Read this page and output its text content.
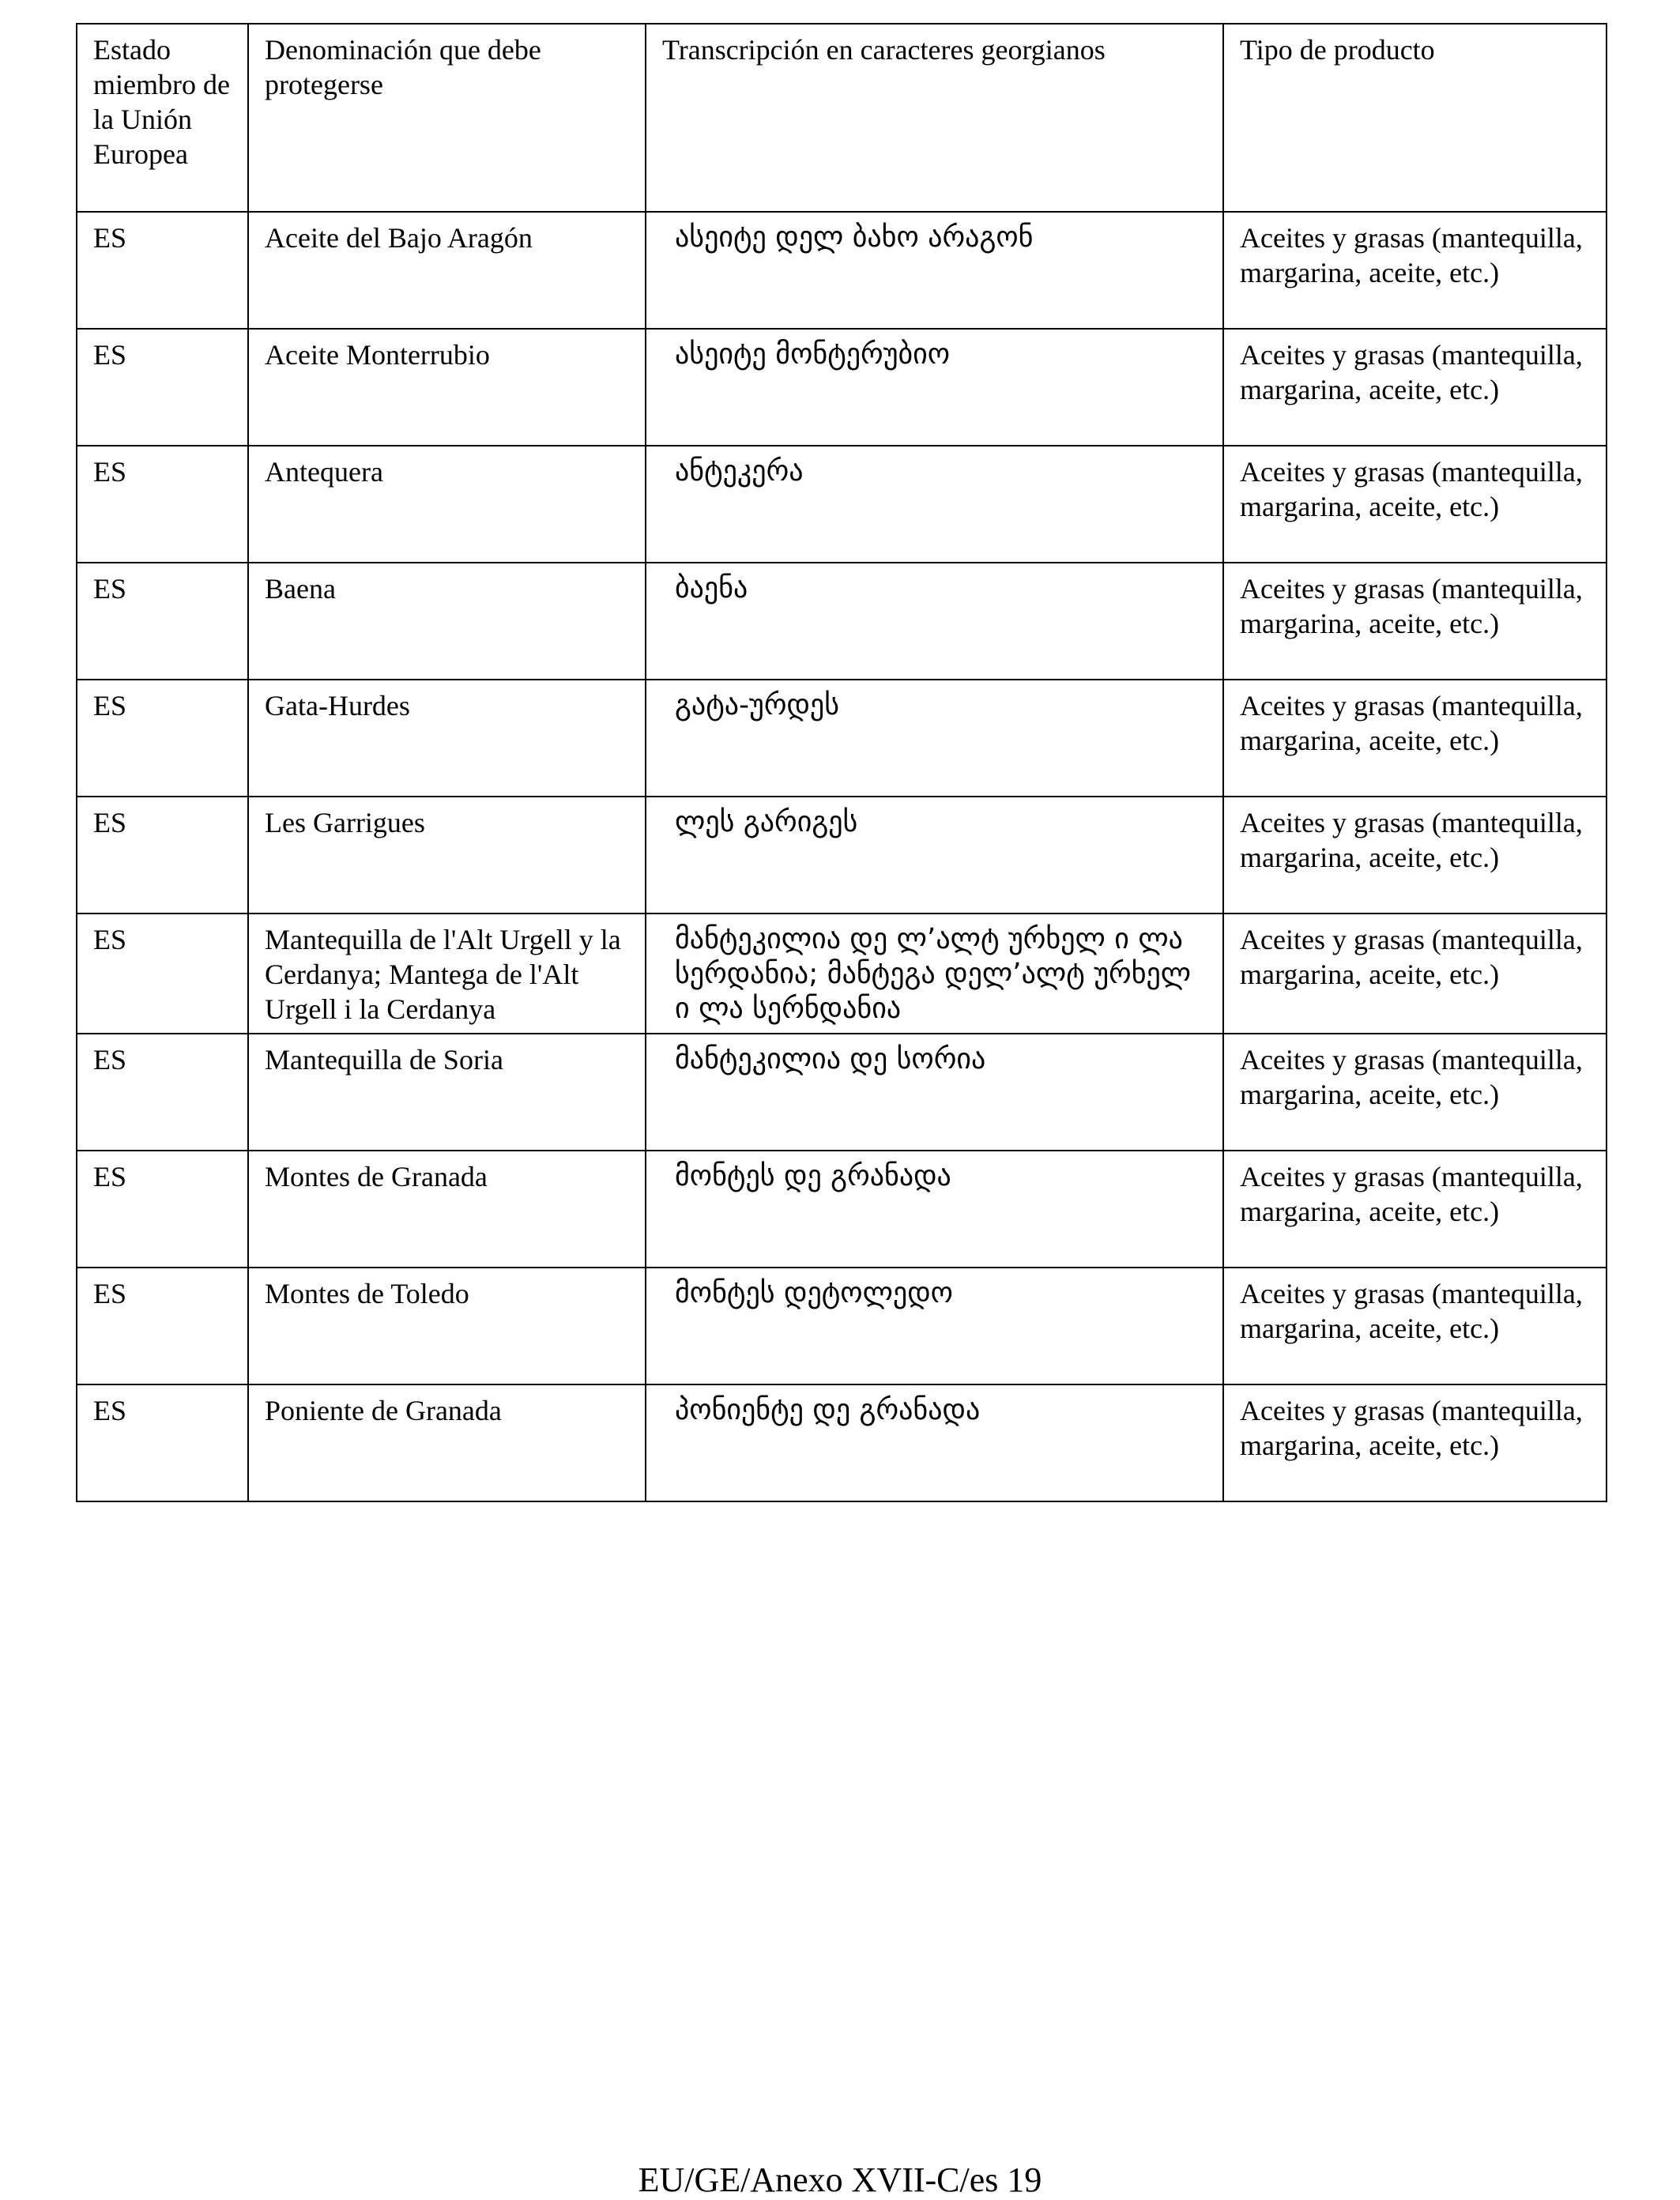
Estado miembro de la Unión Europea	Denominación que debe protegerse	Transcripción en caracteres georgianos	Tipo de producto
ES	Aceite del Bajo Aragón	ასეიტე დელ ბახო არაგონ	Aceites y grasas (mantequilla, margarina, aceite, etc.)
ES	Aceite Monterrubio	ასეიტე მონტერუბიო	Aceites y grasas (mantequilla, margarina, aceite, etc.)
ES	Antequera	ანტეკერა	Aceites y grasas (mantequilla, margarina, aceite, etc.)
ES	Baena	ბაენა	Aceites y grasas (mantequilla, margarina, aceite, etc.)
ES	Gata-Hurdes	გატა-ურდეს	Aceites y grasas (mantequilla, margarina, aceite, etc.)
ES	Les Garrigues	ლეს გარიგეს	Aceites y grasas (mantequilla, margarina, aceite, etc.)
ES	Mantequilla de l'Alt Urgell y la Cerdanya; Mantega de l'Alt Urgell i la Cerdanya	მანტეკილია დე ლ’ალტ ურხელ ი ლა სერდანია; მანტეგა დელ’ალტ ურხელ ი ლა სერნდანია	Aceites y grasas (mantequilla, margarina, aceite, etc.)
ES	Mantequilla de Soria	მანტეკილია დე სორია	Aceites y grasas (mantequilla, margarina, aceite, etc.)
ES	Montes de Granada	მონტეს დე გრანადა	Aceites y grasas (mantequilla, margarina, aceite, etc.)
ES	Montes de Toledo	მონტეს დეტოლედო	Aceites y grasas (mantequilla, margarina, aceite, etc.)
ES	Poniente de Granada	პონიენტე დე გრანადა	Aceites y grasas (mantequilla, margarina, aceite, etc.)
EU/GE/Anexo XVII-C/es 19
